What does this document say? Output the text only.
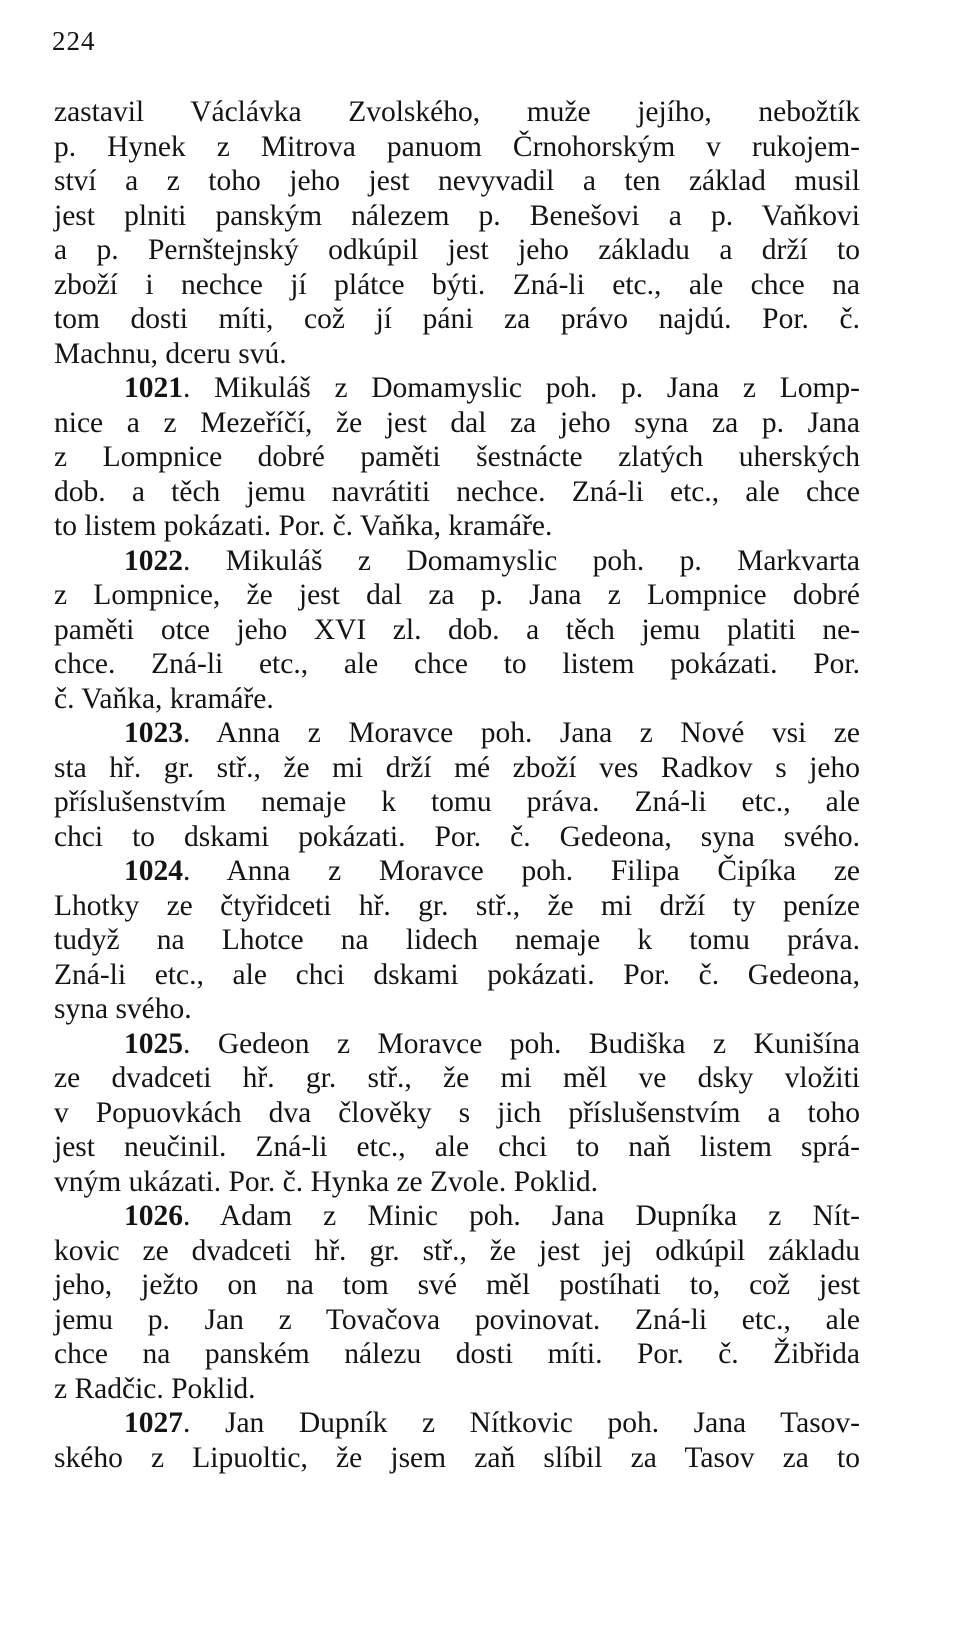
224
zastavil Václávka Zvolského, muže jejího, nebožtík
p. Hynek z Mitrova panuom Črnohorským v rukojem-
ství a z toho jeho jest nevyvadil a ten základ musil
jest plniti panským nálezem p. Benešovi a p. Vaňkovi
a p. Pernštejnský odkúpil jest jeho základu a drží to
zboží i nechce jí plátce býti. Zná-li etc., ale chce na
tom dosti míti, což jí páni za právo najdú. Por. č.
Machnu, dceru svú.
1021. Mikuláš z Domamyslic poh. p. Jana z Lomp-
nice a z Mezeříčí, že jest dal za jeho syna za p. Jana
z Lompnice dobré paměti šestnácte zlatých uherských
dob. a těch jemu navrátiti nechce. Zná-li etc., ale chce
to listem pokázati. Por. č. Vaňka, kramáře.
1022. Mikuláš z Domamyslic poh. p. Markvarta
z Lompnice, že jest dal za p. Jana z Lompnice dobré
paměti otce jeho XVI zl. dob. a těch jemu platiti ne-
chce. Zná-li etc., ale chce to listem pokázati. Por.
č. Vaňka, kramáře.
1023. Anna z Moravce poh. Jana z Nové vsi ze
sta hř. gr. stř., že mi drží mé zboží ves Radkov s jeho
příslušenstvím nemaje k tomu práva. Zná-li etc., ale
chci to dskami pokázati. Por. č. Gedeona, syna svého.
1024. Anna z Moravce poh. Filipa Čipíka ze
Lhotky ze čtyřidceti hř. gr. stř., že mi drží ty peníze
tudyž na Lhotce na lidech nemaje k tomu práva.
Zná-li etc., ale chci dskami pokázati. Por. č. Gedeona,
syna svého.
1025. Gedeon z Moravce poh. Budiška z Kunišína
ze dvadceti hř. gr. stř., že mi měl ve dsky vložiti
v Popuovkách dva člověky s jich příslušenstvím a toho
jest neučinil. Zná-li etc., ale chci to naň listem sprá-
vným ukázati. Por. č. Hynka ze Zvole. Poklid.
1026. Adam z Minic poh. Jana Dupníka z Nít-
kovic ze dvadceti hř. gr. stř., že jest jej odkúpil základu
jeho, ježto on na tom své měl postíhati to, což jest
jemu p. Jan z Tovačova povinovat. Zná-li etc., ale
chce na panském nálezu dosti míti. Por. č. Žibřida
z Radčic. Poklid.
1027. Jan Dupník z Nítkovic poh. Jana Tasov-
ského z Lipuoltic, že jsem zaň slíbil za Tasov za to
